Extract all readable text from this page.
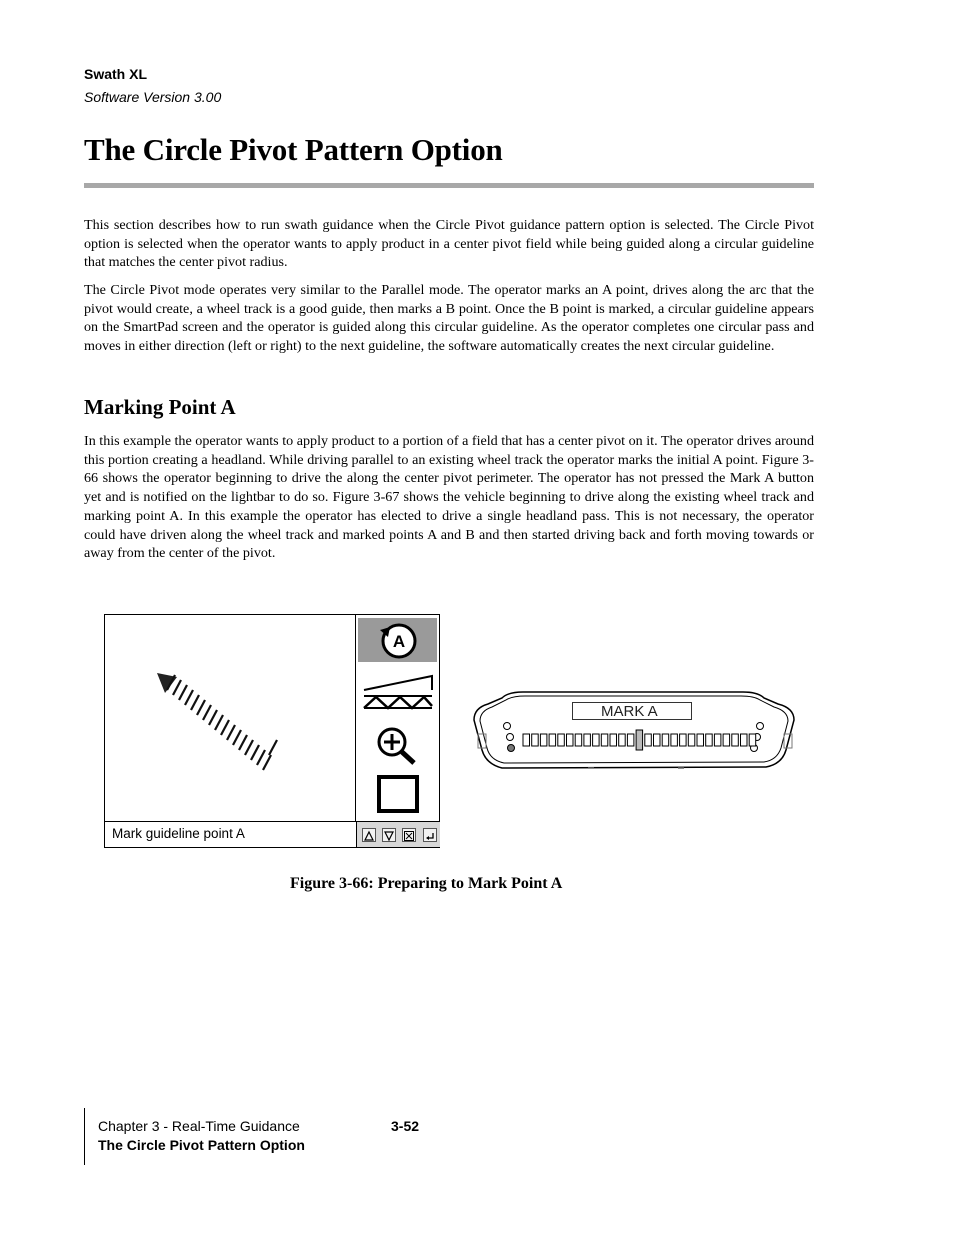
Swath XL
Software Version 3.00
The Circle Pivot Pattern Option

This section describes how to run swath guidance when the Circle Pivot guidance pattern option is selected. The Circle Pivot option is selected when the operator wants to apply product in a center pivot field while being guided along a circular guideline that matches the center pivot radius.

The Circle Pivot mode operates very similar to the Parallel mode. The operator marks an A point, drives along the arc that the pivot would create, a wheel track is a good guide, then marks a B point. Once the B point is marked, a circular guideline appears on the SmartPad screen and the operator is guided along this circular guideline. As the operator completes one circular pass and moves in either direction (left or right) to the next guideline, the software automatically creates the next circular guideline.

Marking Point A

In this example the operator wants to apply product to a portion of a field that has a center pivot on it. The operator drives around this portion creating a headland. While driving parallel to an existing wheel track the operator marks the initial A point. Figure 3-66 shows the operator beginning to drive the along the center pivot perimeter. The operator has not pressed the Mark A button yet and is notified on the lightbar to do so. Figure 3-67 shows the vehicle beginning to drive along the existing wheel track and marking point A. In this example the operator has elected to drive a single headland pass. This is not necessary, the operator could have driven along the wheel track and marked points A and B and then started driving back and forth moving towards or away from the center of the pivot.

A
Mark guideline point A
MARK A

Figure 3-66: Preparing to Mark Point A

Chapter 3 - Real-Time Guidance
The Circle Pivot Pattern Option
3-52
